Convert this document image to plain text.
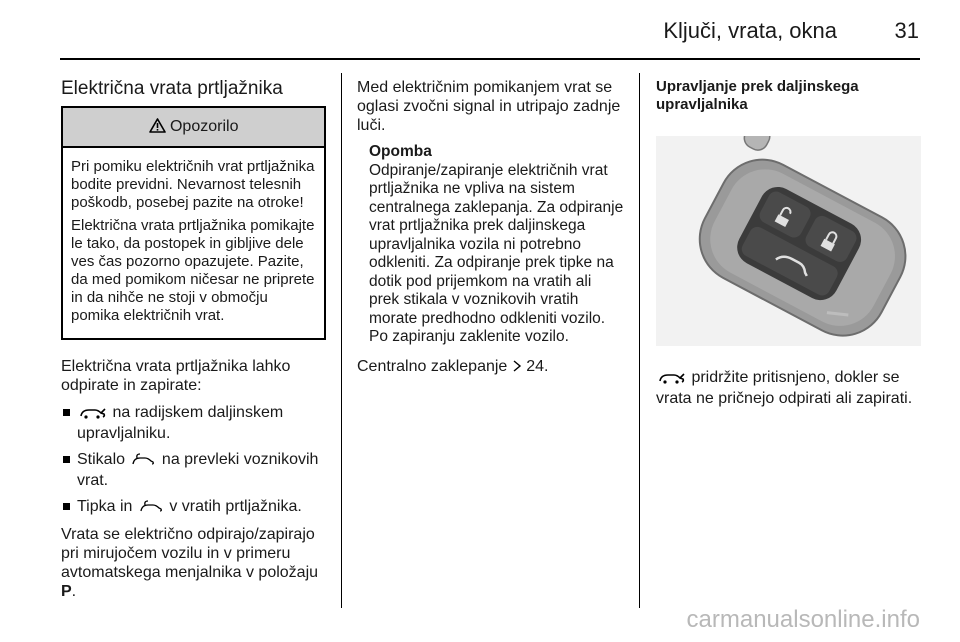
Ključi, vrata, okna	31
Električna vrata prtljažnika
Opozorilo

Pri pomiku električnih vrat prtljažnika bodite previdni. Nevarnost telesnih poškodb, posebej pazite na otroke!

Električna vrata prtljažnika pomikajte le tako, da postopek in gibljive dele ves čas pozorno opazujete. Pazite, da med pomikom ničesar ne priprete in da nihče ne stoji v območju pomika električnih vrat.

Električna vrata prtljažnika lahko odpirate in zapirate:

na radijskem daljinskem upravljalniku.
Stikalo  na prevleki voznikovih vrat.
Tipka in  v vratih prtljažnika.

Vrata se električno odpirajo/zapirajo pri mirujočem vozilu in v primeru avtomatskega menjalnika v položaju P.

Med električnim pomikanjem vrat se oglasi zvočni signal in utripajo zadnje luči.

Opomba
Odpiranje/zapiranje električnih vrat prtljažnika ne vpliva na sistem centralnega zaklepanja. Za odpiranje vrat prtljažnika prek daljinskega upravljalnika vozila ni potrebno odkleniti. Za odpiranje prek tipke na dotik pod prijemkom na vratih ali prek stikala v voznikovih vratih morate predhodno odkleniti vozilo. Po zapiranju zaklenite vozilo.

Centralno zaklepanje 24.

Upravljanje prek daljinskega upravljalnika

pridržite pritisnjeno, dokler se vrata ne pričnejo odpirati ali zapirati.

carmanualsonline.info
